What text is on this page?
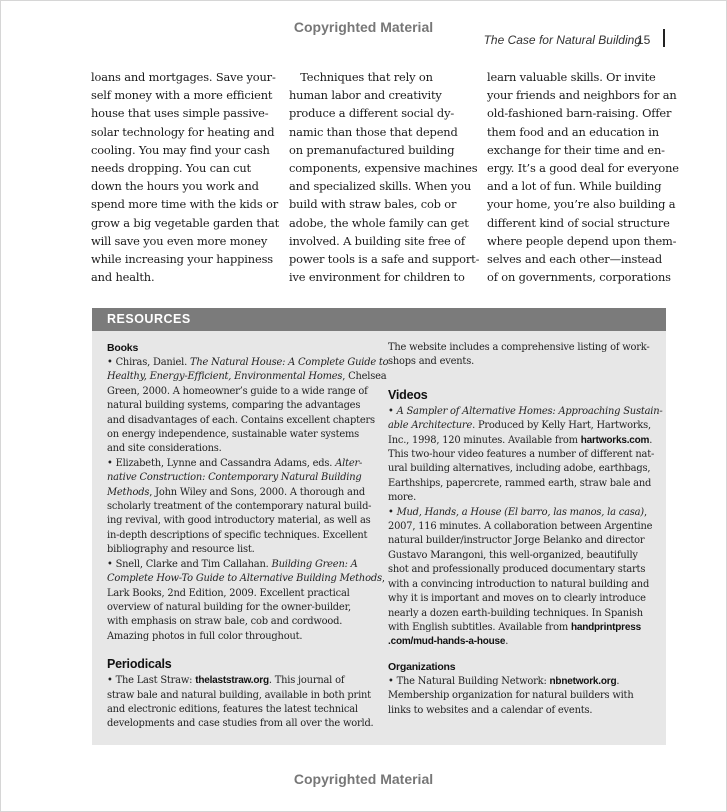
Copyrighted Material
The Case for Natural Building
15
loans and mortgages. Save your-
self money with a more efficient
house that uses simple passive-
solar technology for heating and
cooling. You may find your cash
needs dropping. You can cut
down the hours you work and
spend more time with the kids or
grow a big vegetable garden that
will save you even more money
while increasing your happiness
and health.
 Techniques that rely on
human labor and creativity
produce a different social dy-
namic than those that depend
on premanufactured building
components, expensive machines
and specialized skills. When you
build with straw bales, cob or
adobe, the whole family can get
involved. A building site free of
power tools is a safe and support-
ive environment for children to
learn valuable skills. Or invite
your friends and neighbors for an
old-fashioned barn-raising. Offer
them food and an education in
exchange for their time and en-
ergy. It’s a good deal for everyone
and a lot of fun. While building
your home, you’re also building a
different kind of social structure
where people depend upon them-
selves and each other—instead
of on governments, corporations
RESOURCES
Books
• Chiras, Daniel. The Natural House: A Complete Guide to
Healthy, Energy-Efficient, Environmental Homes, Chelsea
Green, 2000. A homeowner’s guide to a wide range of
natural building systems, comparing the advantages
and disadvantages of each. Contains excellent chapters
on energy independence, sustainable water systems
and site considerations.
• Elizabeth, Lynne and Cassandra Adams, eds. Alter-
native Construction: Contemporary Natural Building
Methods, John Wiley and Sons, 2000. A thorough and
scholarly treatment of the contemporary natural build-
ing revival, with good introductory material, as well as
in-depth descriptions of specific techniques. Excellent
bibliography and resource list.
• Snell, Clarke and Tim Callahan. Building Green: A
Complete How-To Guide to Alternative Building Methods,
Lark Books, 2nd Edition, 2009. Excellent practical
overview of natural building for the owner-builder,
with emphasis on straw bale, cob and cordwood.
Amazing photos in full color throughout.
Periodicals
• The Last Straw: thelaststraw.org. This journal of
straw bale and natural building, available in both print
and electronic editions, features the latest technical
developments and case studies from all over the world.
The website includes a comprehensive listing of work-
shops and events.
Videos
• A Sampler of Alternative Homes: Approaching Sustain-
able Architecture. Produced by Kelly Hart, Hartworks,
Inc., 1998, 120 minutes. Available from hartworks.com.
This two-hour video features a number of different nat-
ural building alternatives, including adobe, earthbags,
Earthships, papercrete, rammed earth, straw bale and
more.
• Mud, Hands, a House (El barro, las manos, la casa),
2007, 116 minutes. A collaboration between Argentine
natural builder/instructor Jorge Belanko and director
Gustavo Marangoni, this well-organized, beautifully
shot and professionally produced documentary starts
with a convincing introduction to natural building and
why it is important and moves on to clearly introduce
nearly a dozen earth-building techniques. In Spanish
with English subtitles. Available from handprintpress
.com/mud-hands-a-house.
Organizations
• The Natural Building Network: nbnetwork.org.
Membership organization for natural builders with
links to websites and a calendar of events.
Copyrighted Material
